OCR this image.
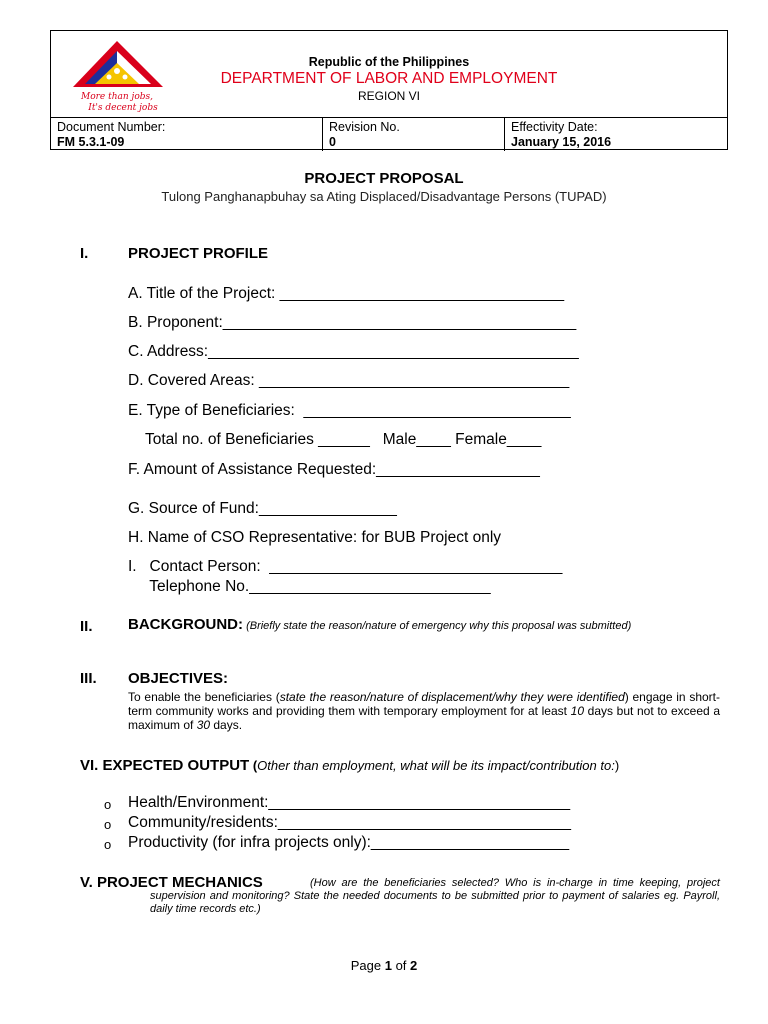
More than jobs,
It's decent jobs
Republic of the Philippines
DEPARTMENT OF LABOR AND EMPLOYMENT
REGION VI
Document Number:
FM 5.3.1-09
Revision No.
0
Effectivity Date:
January 15, 2016
PROJECT PROPOSAL
Tulong Panghanapbuhay sa Ating Displaced/Disadvantage Persons (TUPAD)
I.	PROJECT PROFILE
A. Title of the Project: _________________________________
B. Proponent:_________________________________________
C. Address:___________________________________________
D. Covered Areas: ____________________________________
E. Type of Beneficiaries:  _______________________________
Total no. of Beneficiaries ______   Male____ Female____
F. Amount of Assistance Requested:___________________
G. Source of Fund:________________
H. Name of CSO Representative: for BUB Project only
I.   Contact Person:  __________________________________
Telephone No.____________________________
II. BACKGROUND: (Briefly state the reason/nature of emergency why this proposal was submitted)
III. OBJECTIVES:
To enable the beneficiaries (state the reason/nature of displacement/why they were identified) engage in short-term community works and providing them with temporary employment for at least 10 days but not to exceed a maximum of 30 days.
VI. EXPECTED OUTPUT (Other than employment, what will be its impact/contribution to:)
o Health/Environment:___________________________________
o Community/residents:__________________________________
o Productivity (for infra projects only):_______________________
V. PROJECT MECHANICS	(How are the beneficiaries selected? Who is in-charge in time keeping, project supervision and monitoring? State the needed documents to be submitted prior to payment of salaries eg. Payroll, daily time records etc.)
Page 1 of 2
